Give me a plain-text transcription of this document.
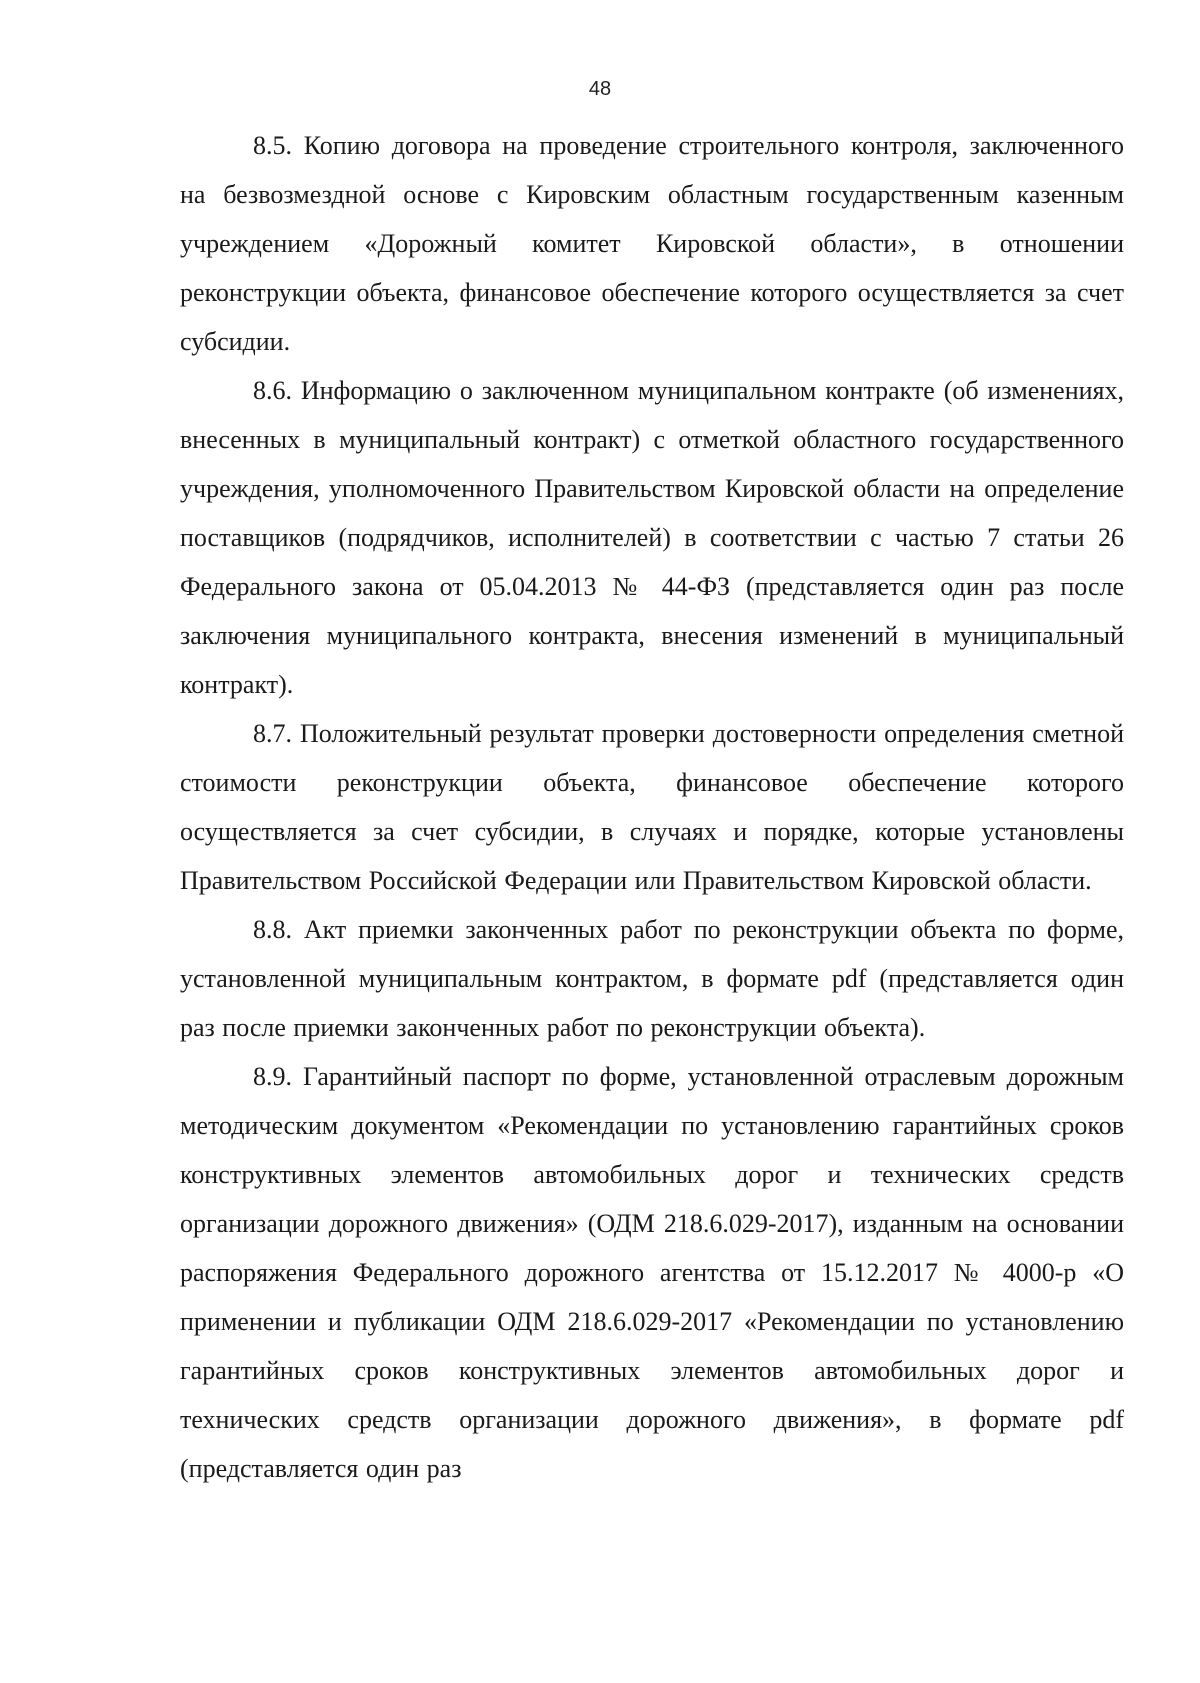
48

8.5. Копию договора на проведение строительного контроля, заключенного на безвозмездной основе с Кировским областным государственным казенным учреждением «Дорожный комитет Кировской области», в отношении реконструкции объекта, финансовое обеспечение которого осуществляется за счет субсидии.

8.6. Информацию о заключенном муниципальном контракте (об изменениях, внесенных в муниципальный контракт) с отметкой областного государственного учреждения, уполномоченного Правительством Кировской области на определение поставщиков (подрядчиков, исполнителей) в соответствии с частью 7 статьи 26 Федерального закона от 05.04.2013 № 44-ФЗ (представляется один раз после заключения муниципального контракта, внесения изменений в муниципальный контракт).

8.7. Положительный результат проверки достоверности определения сметной стоимости реконструкции объекта, финансовое обеспечение которого осуществляется за счет субсидии, в случаях и порядке, которые установлены Правительством Российской Федерации или Правительством Кировской области.

8.8. Акт приемки законченных работ по реконструкции объекта по форме, установленной муниципальным контрактом, в формате pdf (представляется один раз после приемки законченных работ по реконструкции объекта).

8.9. Гарантийный паспорт по форме, установленной отраслевым дорожным методическим документом «Рекомендации по установлению гарантийных сроков конструктивных элементов автомобильных дорог и технических средств организации дорожного движения» (ОДМ 218.6.029-2017), изданным на основании распоряжения Федерального дорожного агентства от 15.12.2017 № 4000-р «О применении и публикации ОДМ 218.6.029-2017 «Рекомендации по установлению гарантийных сроков конструктивных элементов автомобильных дорог и технических средств организации дорожного движения», в формате pdf (представляется один раз
